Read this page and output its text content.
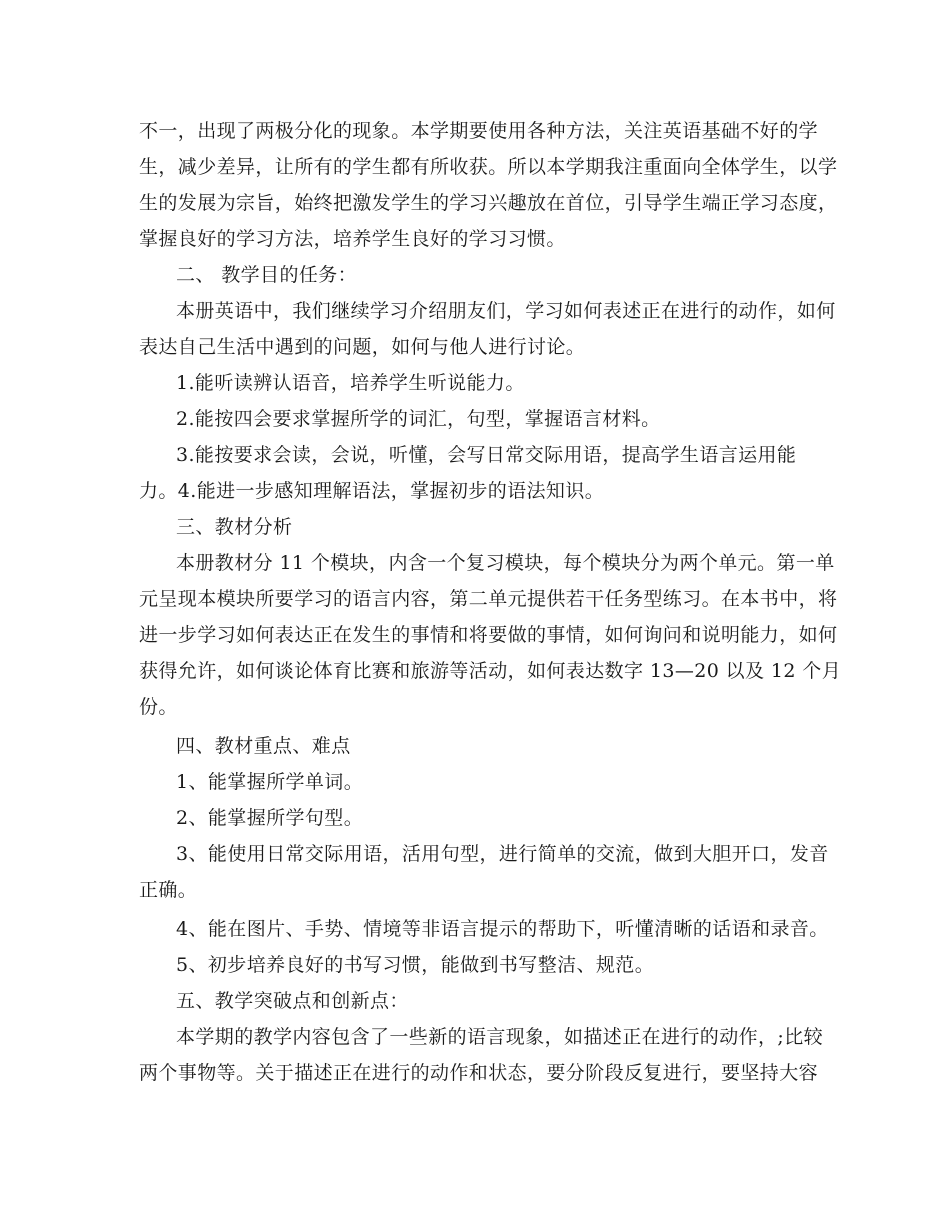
不一，出现了两极分化的现象。本学期要使用各种方法，关注英语基础不好的学
生，减少差异，让所有的学生都有所收获。所以本学期我注重面向全体学生，以学
生的发展为宗旨，始终把激发学生的学习兴趣放在首位，引导学生端正学习态度，
掌握良好的学习方法，培养学生良好的学习习惯。
二、 教学目的任务：
本册英语中，我们继续学习介绍朋友们，学习如何表述正在进行的动作，如何
表达自己生活中遇到的问题，如何与他人进行讨论。
1.能听读辨认语音，培养学生听说能力。
2.能按四会要求掌握所学的词汇，句型，掌握语言材料。
3.能按要求会读，会说，听懂，会写日常交际用语，提高学生语言运用能
力。4.能进一步感知理解语法，掌握初步的语法知识。
三、教材分析
本册教材分 11 个模块，内含一个复习模块，每个模块分为两个单元。第一单
元呈现本模块所要学习的语言内容，第二单元提供若干任务型练习。在本书中，将
进一步学习如何表达正在发生的事情和将要做的事情，如何询问和说明能力，如何
获得允许，如何谈论体育比赛和旅游等活动，如何表达数字 13—20 以及 12 个月
份。
四、教材重点、难点
1、能掌握所学单词。
2、能掌握所学句型。
3、能使用日常交际用语，活用句型，进行简单的交流，做到大胆开口，发音
正确。
4、能在图片、手势、情境等非语言提示的帮助下，听懂清晰的话语和录音。
5、初步培养良好的书写习惯，能做到书写整洁、规范。
五、教学突破点和创新点：
本学期的教学内容包含了一些新的语言现象，如描述正在进行的动作，;比较
两个事物等。关于描述正在进行的动作和状态，要分阶段反复进行，要坚持大容
